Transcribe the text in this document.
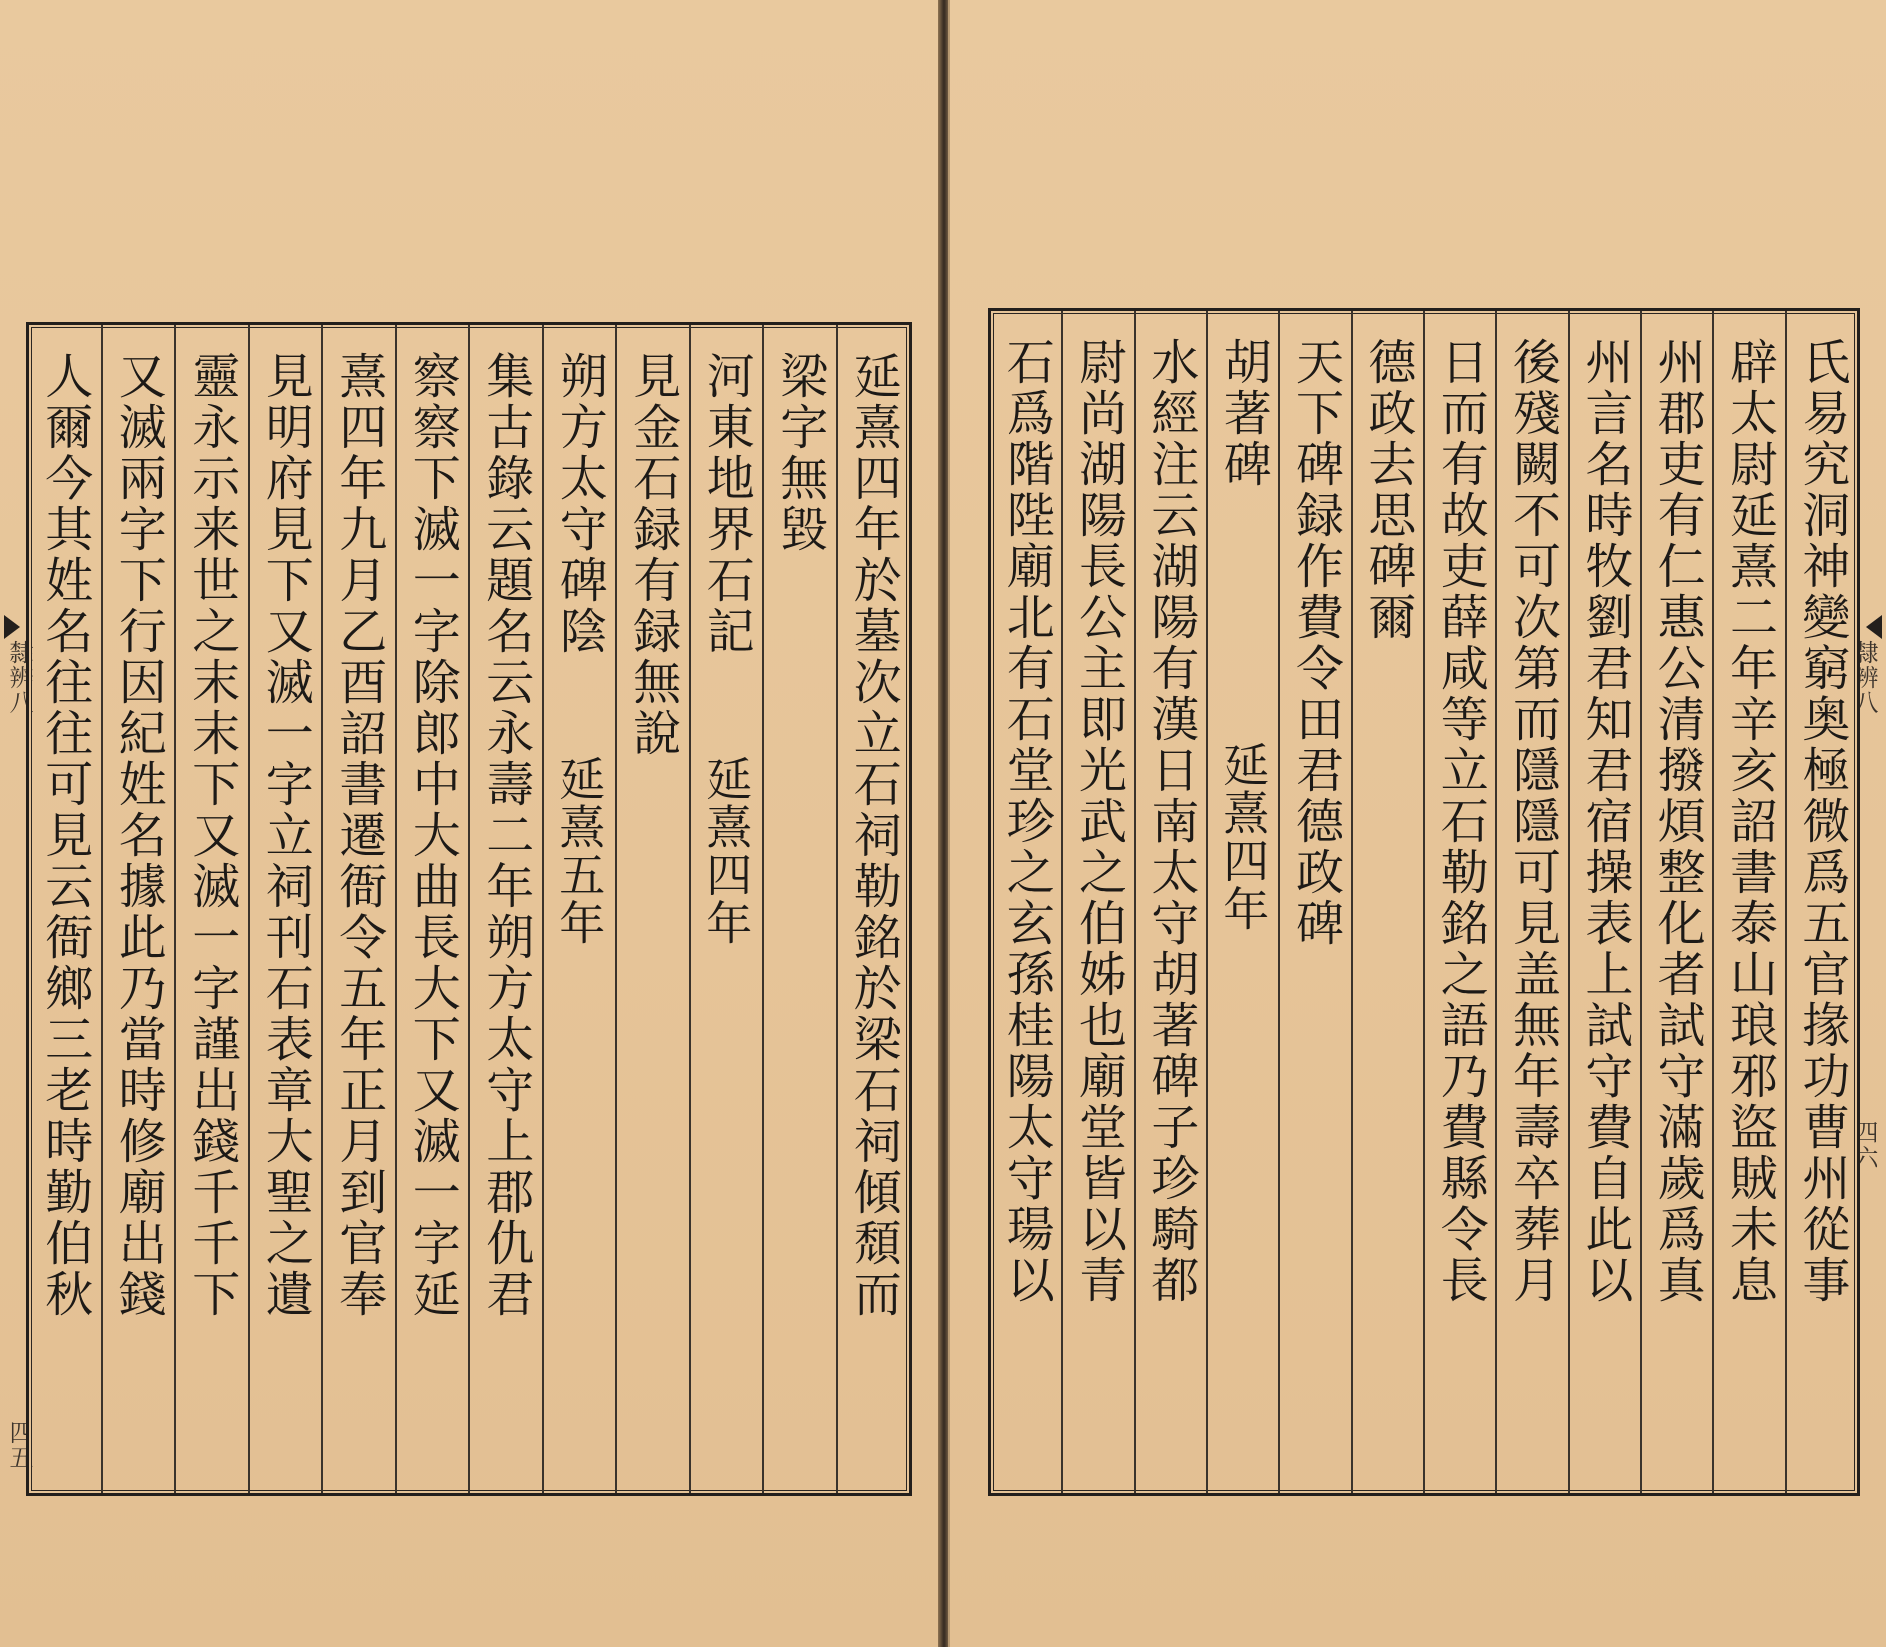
隸辨八
四五
延熹四年於墓次立石祠勒銘於梁石祠傾頹而
梁字無毀
河東地界石記
延熹四年
見金石録有録無說
朔方太守碑陰
延熹五年
集古錄云題名云永壽二年朔方太守上郡仇君
察察下滅一字除郎中大曲長大下又滅一字延
熹四年九月乙酉詔書遷衙令五年正月到官奉
見明府見下又滅一字立祠刊石表章大聖之遺
靈永示来世之末末下又滅一字謹出錢千千下
又滅兩字下行因紀姓名據此乃當時修廟出錢
人爾今其姓名往往可見云衙鄉三老時勤伯秋	隸辨八
四六
氏易究洞神變窮奥極微爲五官掾功曹州從事
辟太尉延熹二年辛亥詔書泰山琅邪盜賊未息
州郡吏有仁惠公清撥煩整化者試守滿歲爲真
州言名時牧劉君知君宿操表上試守費自此以
後殘闕不可次第而隱隱可見盖無年壽卒葬月
日而有故吏薛咸等立石勒銘之語乃費縣令長
德政去思碑爾
天下碑録作費令田君德政碑
胡著碑
延熹四年
水經注云湖陽有漢日南太守胡著碑子珍騎都
尉尚湖陽長公主即光武之伯姊也廟堂皆以青
石爲階陛廟北有石堂珍之玄孫桂陽太守瑒以
